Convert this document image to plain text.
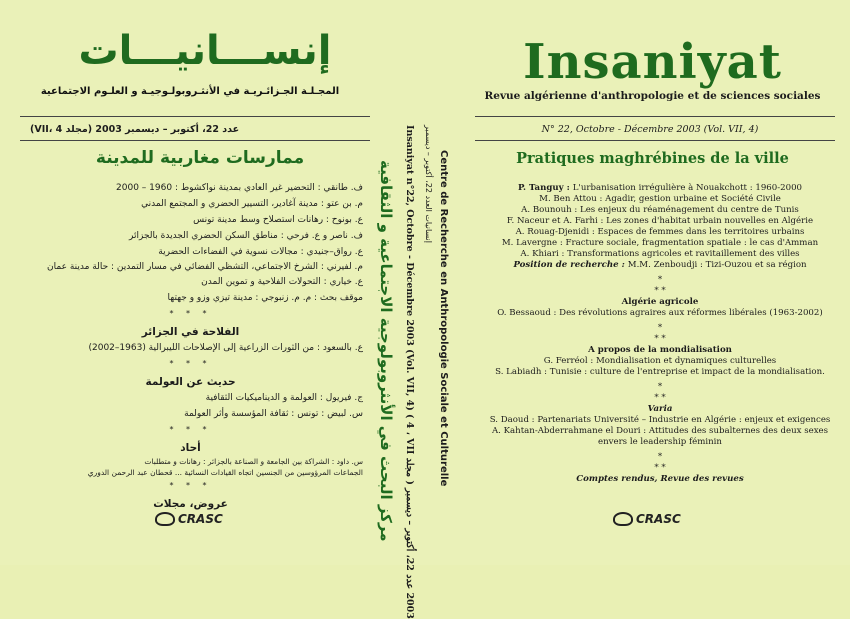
إنســـانيـــات
المجـلـة الجـزائـريـة في الأنثـروبولـوجيـة و العلـوم الاجتماعية
عدد 22، أكتوبر – ديسمبر 2003 (مجلد VII، 4)
ممارسات مغاربية للمدينة
ف. طانقي : التحضير غير العادي بمدينة نواكشوط : 1960 – 2000
م. بن عتو : مدينة آغادير، التسيير الحضري و المجتمع المدني
ع. بونوح : رهانات استصلاح وسط مدينة تونس
ف. ناصر و ع. فرحي : مناطق السكن الحضري الجديدة بالجزائر
ع. رواق–جنيدي : مجالات نسوية في الفضاءات الحضرية
م. لفيرني : الشرخ الاجتماعي، التشظي الفضائي في مسار التمدين : حالة مدينة عمان
ع. خياري : التحولات الفلاحية و تموين المدن
موقف بحث : م. م. زنبوجي : مدينة تيزي وزو و جهتها
* * *
الفلاحة في الجزائر
ع. بالسعود : من الثورات الزراعية إلى الإصلاحات الليبرالية (1963–2002)
* * *
حديث عن العولمة
ج. فيريول : العولمة و الديناميكيات الثقافية
س. لبيض : تونس : ثقافة المؤسسة وأثر العولمة
* * *
أحاد
س. داود : الشراكة بين الجامعة و الصناعة بالجزائر : رهانات و متطلبات
الجماعات المرؤوسين من الجنسين اتجاه القيادات النسائية ... قحطان عبد الرحمن الدوري
* * *
عروض، مجلات
CRASC	مركز البحث في الأنثروبولوجية الاجتماعية و الثقافية Insaniyat n°22, Octobre - Décembre 2003 (Vol. VII, 4) ( 4 ، VII مجلد ) 2003 عدد 22، أكتوبر – ديسمبر
إنسانيات العدد 22، أكتوبر – ديسمبر Centre de Recherche en Anthropologie Sociale et Culturelle
Insaniyat
Revue algérienne d'anthropologie et de sciences sociales
N° 22, Octobre - Décembre 2003 (Vol. VII, 4)
Pratiques maghrébines de la ville
P. Tanguy : L'urbanisation irrégulière à Nouakchott : 1960-2000
M. Ben Attou : Agadir, gestion urbaine et Société Civile
A. Bounouh : Les enjeux du réaménagement du centre de Tunis
F. Naceur et A. Farhi : Les zones d'habitat urbain nouvelles en Algérie
A. Rouag-Djenidi : Espaces de femmes dans les territoires urbains
M. Lavergne : Fracture sociale, fragmentation spatiale : le cas d'Amman
A. Khiari : Transformations agricoles et ravitaillement des villes
Position de recherche : M.M. Zenboudji : Tizi-Ouzou et sa région
*
* *
Algérie agricole
O. Bessaoud : Des révolutions agraires aux réformes libérales (1963-2002)
*
* *
A propos de la mondialisation
G. Ferréol : Mondialisation et dynamiques culturelles
S. Labiadh : Tunisie : culture de l'entreprise et impact de la mondialisation.
*
* *
Varia
S. Daoud : Partenariats Université – Industrie en Algérie : enjeux et exigences
A. Kahtan-Abderrahmane el Douri : Attitudes des subalternes des deux sexes
envers le leadership féminin
*
* *
Comptes rendus, Revue des revues
CRASC
